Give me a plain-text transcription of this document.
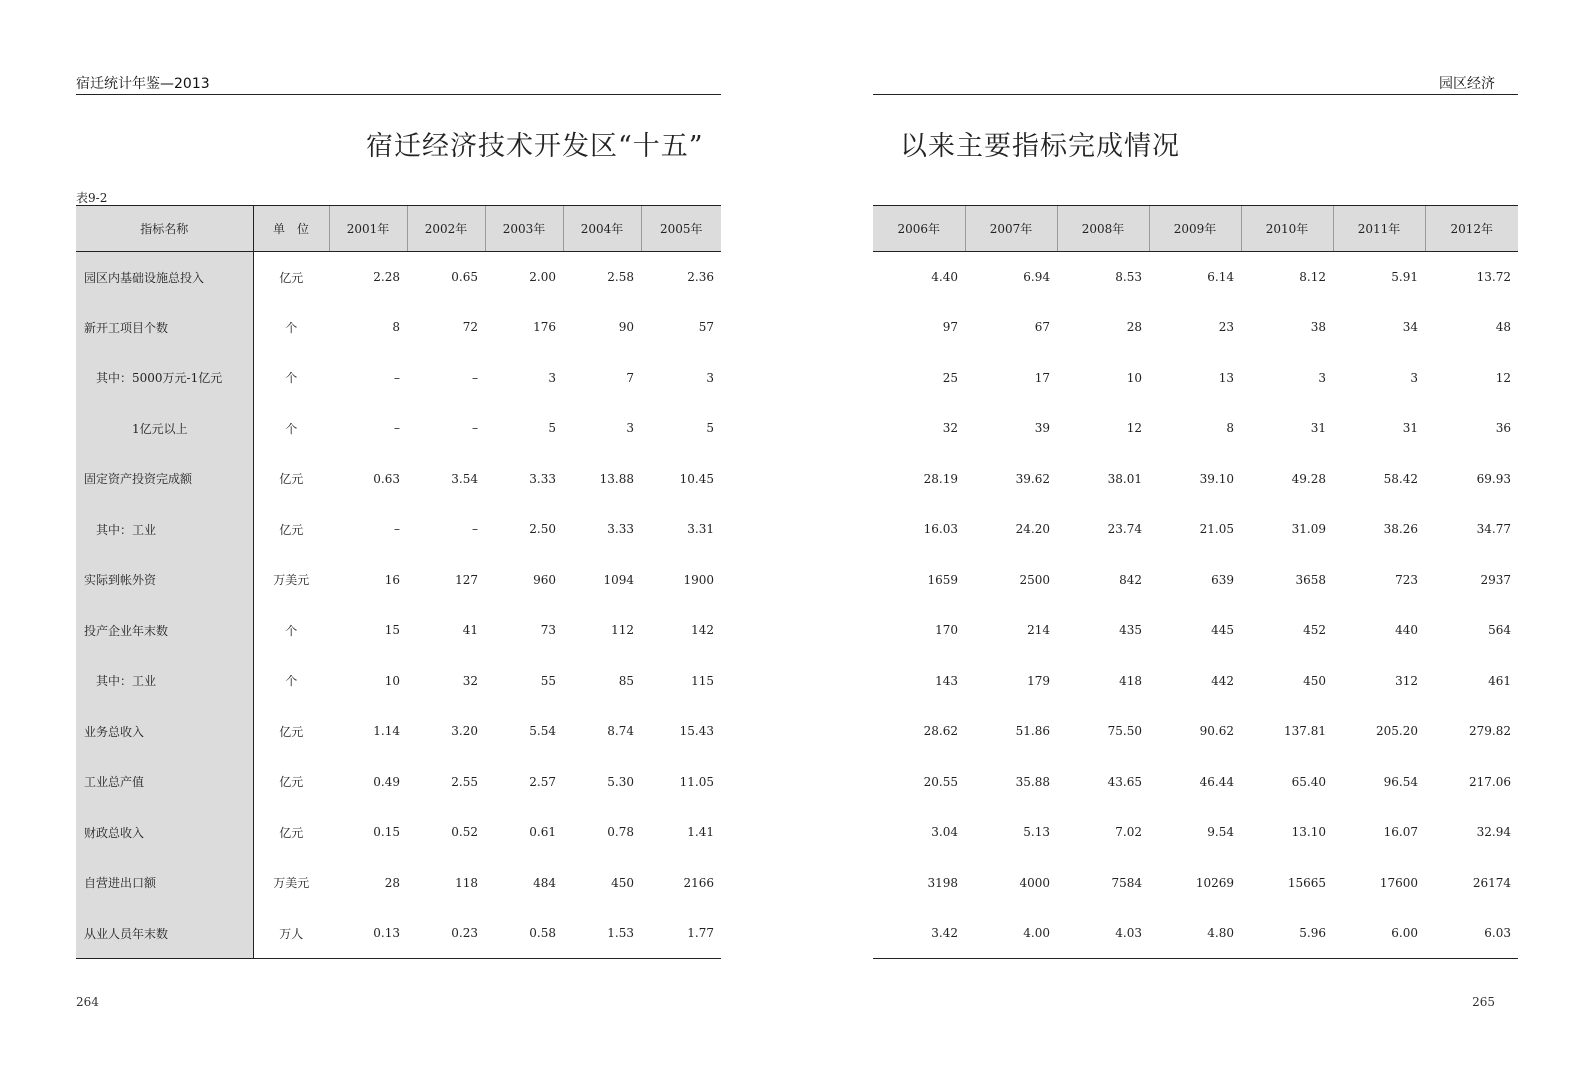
宿迁统计年鉴—2013	园区经济
宿迁经济技术开发区“十五”	以来主要指标完成情况
表9-2
指标名称	单　位	2001年	2002年	2003年	2004年	2005年
园区内基础设施总投入	亿元	2.28	0.65	2.00	2.58	2.36
新开工项目个数	个	8	72	176	90	57
其中：5000万元-1亿元	个	–	–	3	7	3
1亿元以上	个	–	–	5	3	5
固定资产投资完成额	亿元	0.63	3.54	3.33	13.88	10.45
其中：工业	亿元	–	–	2.50	3.33	3.31
实际到帐外资	万美元	16	127	960	1094	1900
投产企业年末数	个	15	41	73	112	142
其中：工业	个	10	32	55	85	115
业务总收入	亿元	1.14	3.20	5.54	8.74	15.43
工业总产值	亿元	0.49	2.55	2.57	5.30	11.05
财政总收入	亿元	0.15	0.52	0.61	0.78	1.41
自营进出口额	万美元	28	118	484	450	2166
从业人员年末数	万人	0.13	0.23	0.58	1.53	1.77
2006年	2007年	2008年	2009年	2010年	2011年	2012年
4.40	6.94	8.53	6.14	8.12	5.91	13.72
97	67	28	23	38	34	48
25	17	10	13	3	3	12
32	39	12	8	31	31	36
28.19	39.62	38.01	39.10	49.28	58.42	69.93
16.03	24.20	23.74	21.05	31.09	38.26	34.77
1659	2500	842	639	3658	723	2937
170	214	435	445	452	440	564
143	179	418	442	450	312	461
28.62	51.86	75.50	90.62	137.81	205.20	279.82
20.55	35.88	43.65	46.44	65.40	96.54	217.06
3.04	5.13	7.02	9.54	13.10	16.07	32.94
3198	4000	7584	10269	15665	17600	26174
3.42	4.00	4.03	4.80	5.96	6.00	6.03
264	265
